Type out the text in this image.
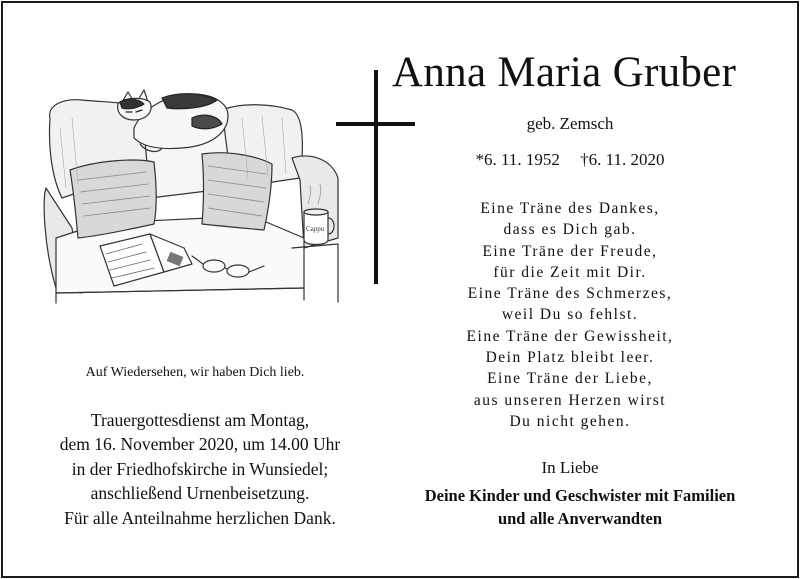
Cappu
Anna Maria Gruber
geb. Zemsch
*6. 11. 1952 †6. 11. 2020
Eine Träne des Dankes,
dass es Dich gab.
Eine Träne der Freude,
für die Zeit mit Dir.
Eine Träne des Schmerzes,
weil Du so fehlst.
Eine Träne der Gewissheit,
Dein Platz bleibt leer.
Eine Träne der Liebe,
aus unseren Herzen wirst
Du nicht gehen.
In Liebe
Deine Kinder und Geschwister mit Familien
und alle Anverwandten
Auf Wiedersehen, wir haben Dich lieb.
Trauergottesdienst am Montag,
dem 16. November 2020, um 14.00 Uhr
in der Friedhofskirche in Wunsiedel;
anschließend Urnenbeisetzung.
Für alle Anteilnahme herzlichen Dank.
